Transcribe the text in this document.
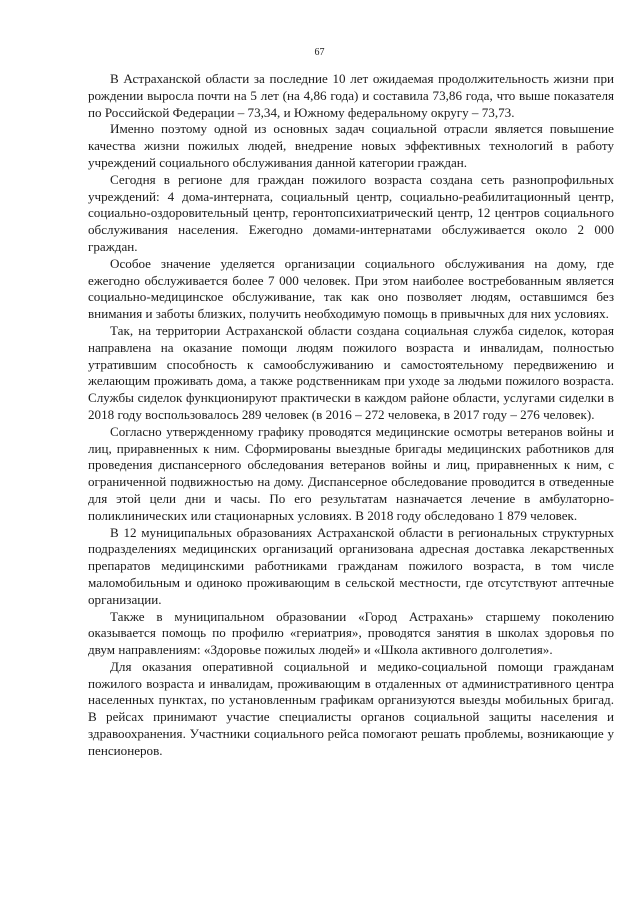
67

В Астраханской области за последние 10 лет ожидаемая продолжительность жизни при рождении выросла почти на 5 лет (на 4,86 года) и составила 73,86 года, что выше показателя по Российской Федерации – 73,34, и Южному федеральному округу – 73,73.

Именно поэтому одной из основных задач социальной отрасли является повышение качества жизни пожилых людей, внедрение новых эффективных технологий в работу учреждений социального обслуживания данной категории граждан.

Сегодня в регионе для граждан пожилого возраста создана сеть разнопрофильных учреждений: 4 дома-интерната, социальный центр, социально-реабилитационный центр, социально-оздоровительный центр, геронтопсихиатрический центр, 12 центров социального обслуживания населения. Ежегодно домами-интернатами обслуживается около 2 000 граждан.

Особое значение уделяется организации социального обслуживания на дому, где ежегодно обслуживается более 7 000 человек. При этом наиболее востребованным является социально-медицинское обслуживание, так как оно позволяет людям, оставшимся без внимания и заботы близких, получить необходимую помощь в привычных для них условиях.

Так, на территории Астраханской области создана социальная служба сиделок, которая направлена на оказание помощи людям пожилого возраста и инвалидам, полностью утратившим способность к самообслуживанию и самостоятельному передвижению и желающим проживать дома, а также родственникам при уходе за людьми пожилого возраста. Службы сиделок функционируют практически в каждом районе области, услугами сиделки в 2018 году воспользовалось 289 человек (в 2016 – 272 человека, в 2017 году – 276 человек).

Согласно утвержденному графику проводятся медицинские осмотры ветеранов войны и лиц, приравненных к ним. Сформированы выездные бригады медицинских работников для проведения диспансерного обследования ветеранов войны и лиц, приравненных к ним, с ограниченной подвижностью на дому. Диспансерное обследование проводится в отведенные для этой цели дни и часы. По его результатам назначается лечение в амбулаторно-поликлинических или стационарных условиях. В 2018 году обследовано 1 879 человек.

В 12 муниципальных образованиях Астраханской области в региональных структурных подразделениях медицинских организаций организована адресная доставка лекарственных препаратов медицинскими работниками гражданам пожилого возраста, в том числе маломобильным и одиноко проживающим в сельской местности, где отсутствуют аптечные организации.

Также в муниципальном образовании «Город Астрахань» старшему поколению оказывается помощь по профилю «гериатрия», проводятся занятия в школах здоровья по двум направлениям: «Здоровье пожилых людей» и «Школа активного долголетия».

Для оказания оперативной социальной и медико-социальной помощи гражданам пожилого возраста и инвалидам, проживающим в отдаленных от административного центра населенных пунктах, по установленным графикам организуются выезды мобильных бригад. В рейсах принимают участие специалисты органов социальной защиты населения и здравоохранения. Участники социального рейса помогают решать проблемы, возникающие у пенсионеров.
